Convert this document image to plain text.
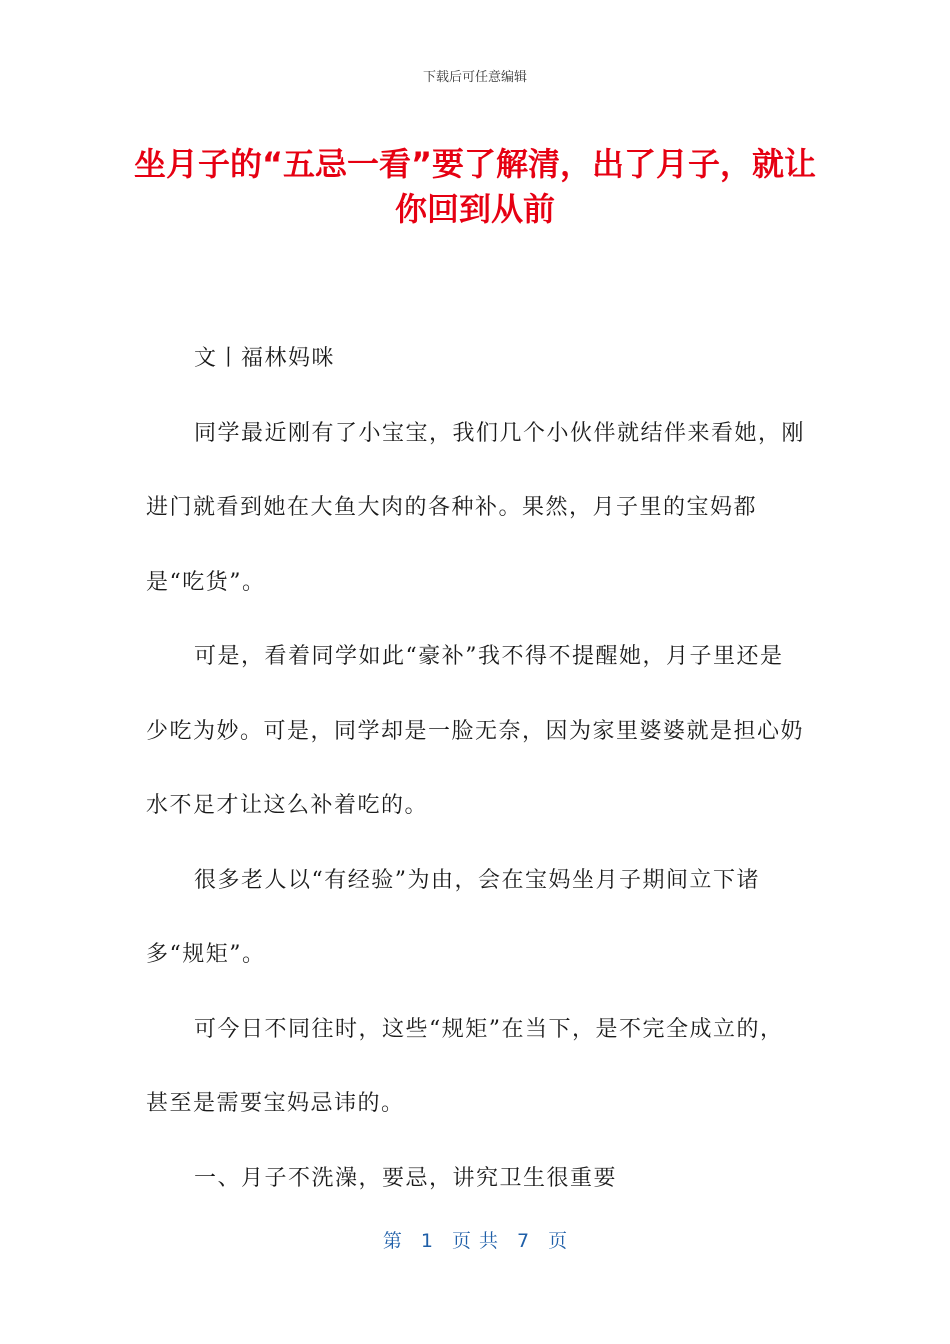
下载后可任意编辑
坐月子的“五忌一看”要了解清，出了月子，就让你回到从前

文丨福林妈咪

同学最近刚有了小宝宝，我们几个小伙伴就结伴来看她，刚进门就看到她在大鱼大肉的各种补。果然，月子里的宝妈都是“吃货”。

可是，看着同学如此“豪补”我不得不提醒她，月子里还是少吃为妙。可是，同学却是一脸无奈，因为家里婆婆就是担心奶水不足才让这么补着吃的。

很多老人以“有经验”为由，会在宝妈坐月子期间立下诸多“规矩”。

可今日不同往时，这些“规矩”在当下，是不完全成立的，甚至是需要宝妈忌讳的。

一、月子不洗澡，要忌，讲究卫生很重要

第　1　页 共　7　页
